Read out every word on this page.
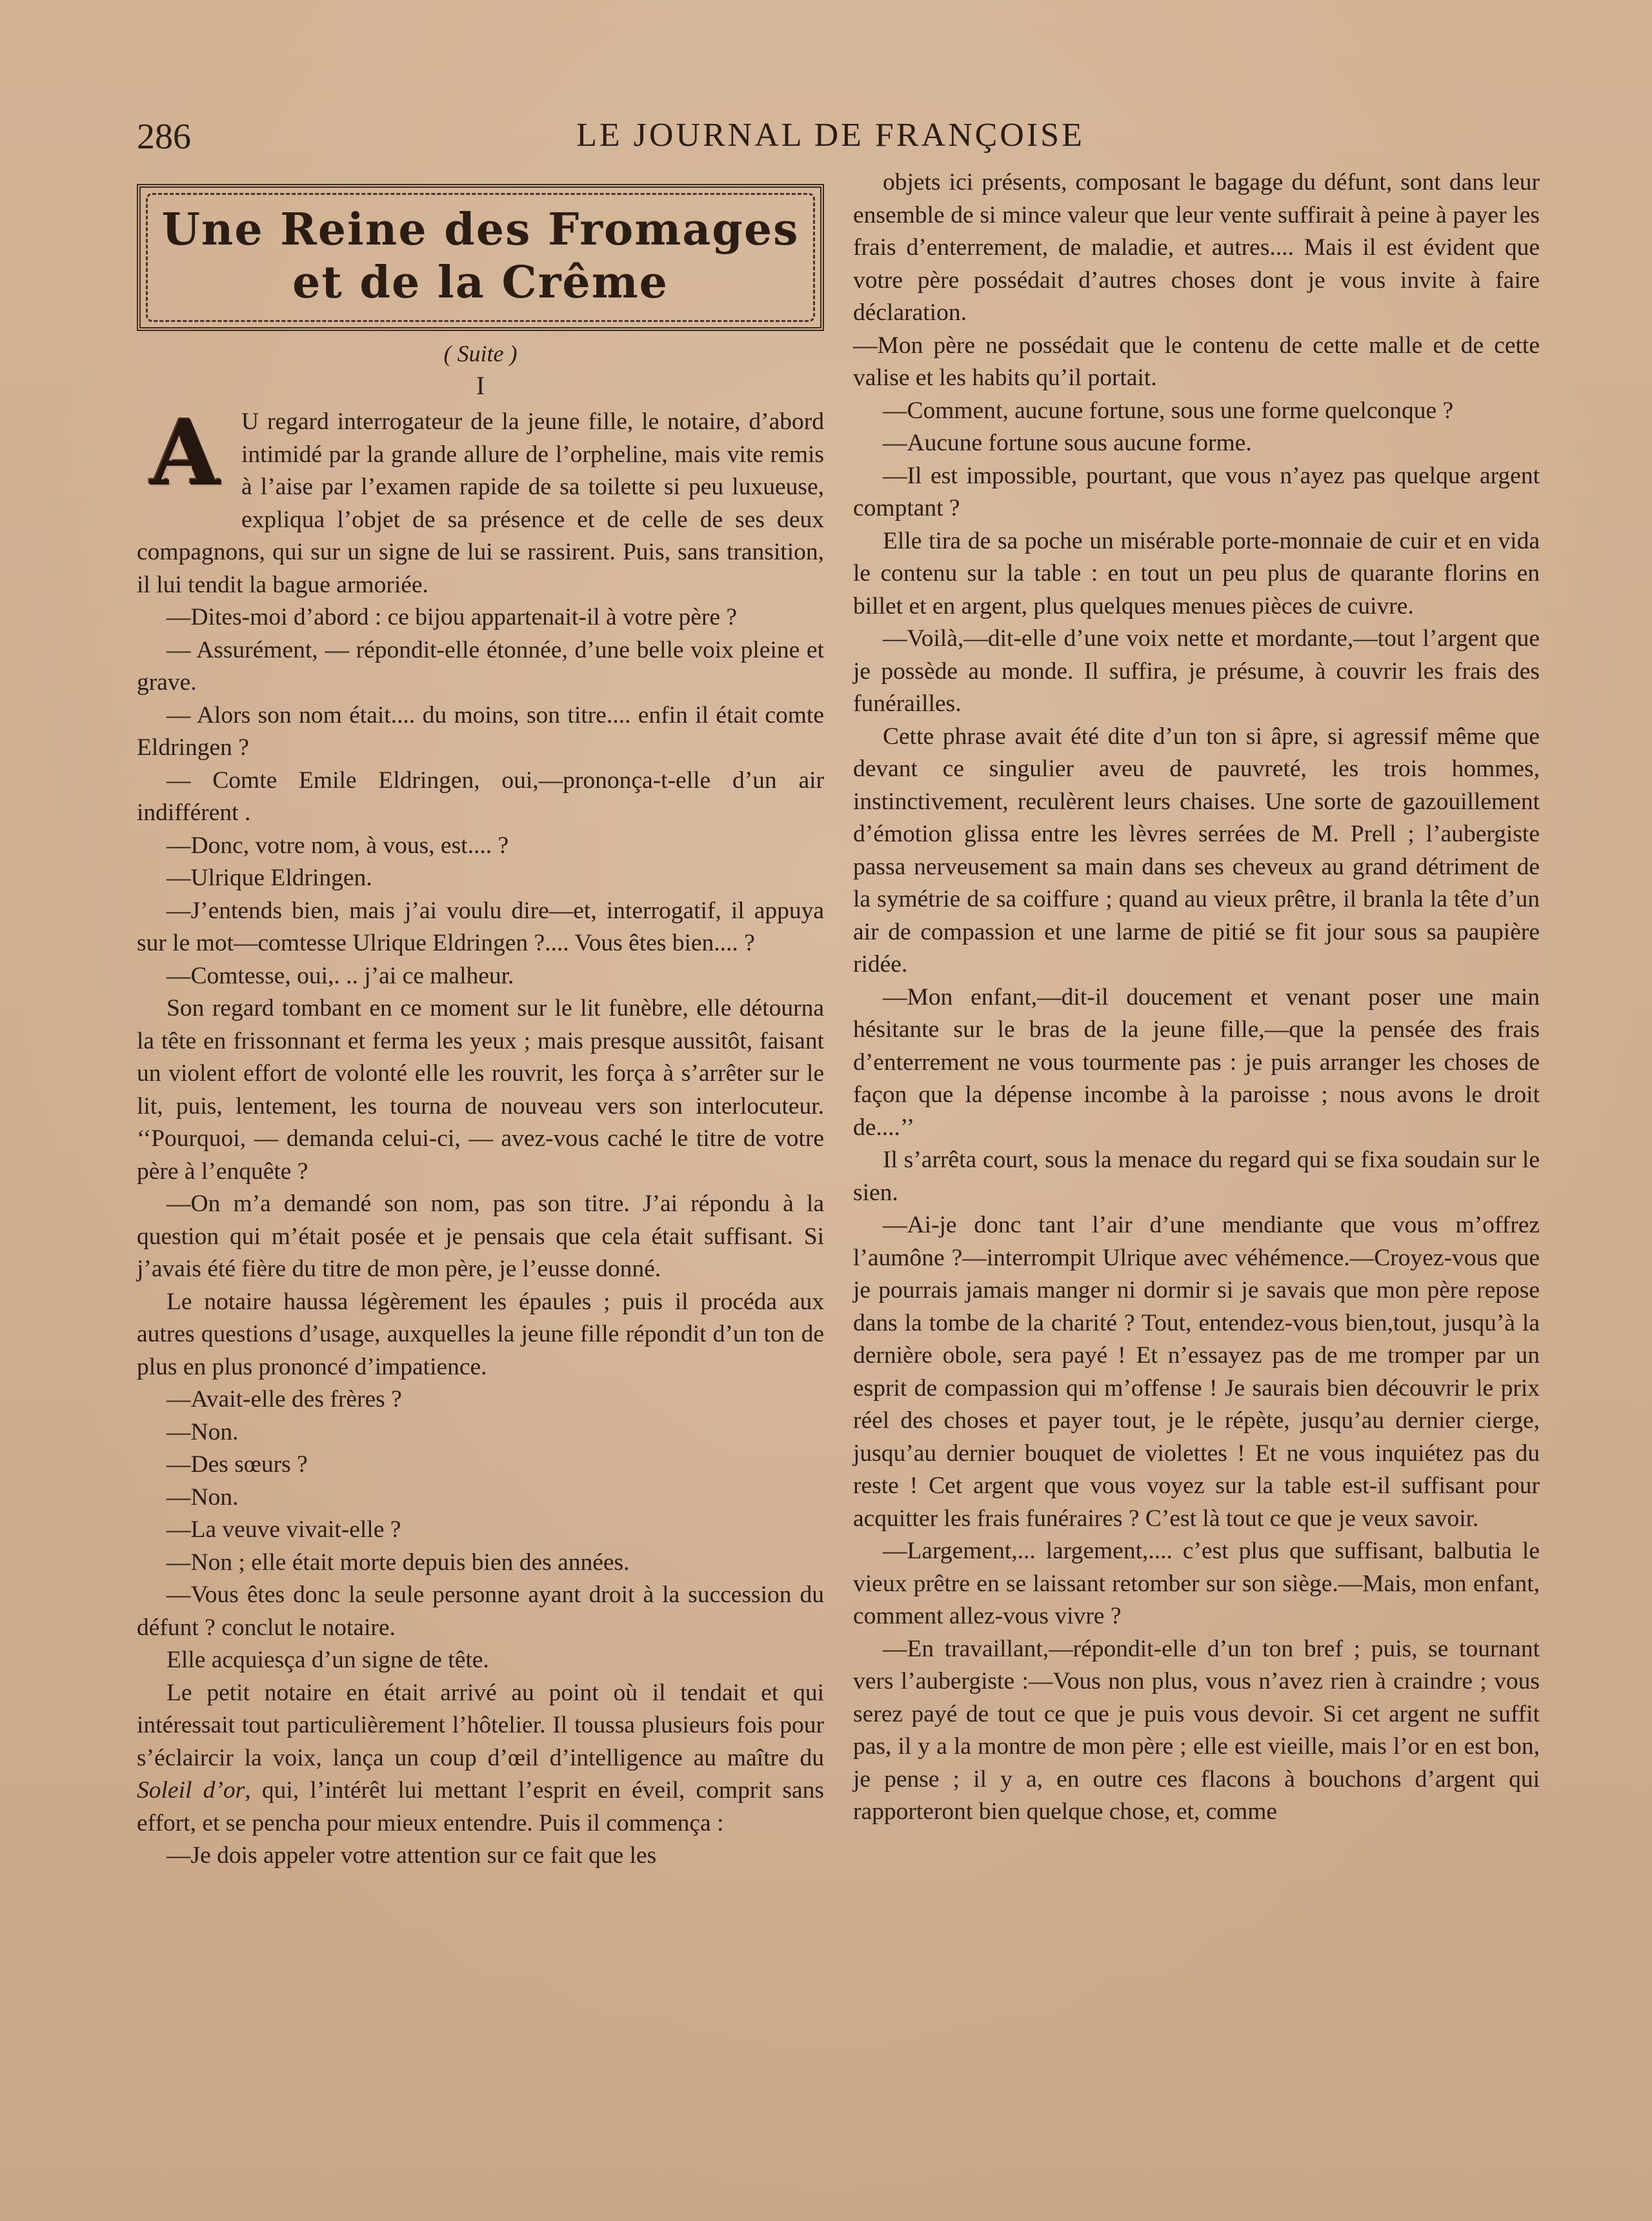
286	LE JOURNAL DE FRANÇOISE
Une Reine des Fromages
et de la Crême
( Suite )
I

A U regard interrogateur de la jeune fille, le notaire, d’abord intimidé par la grande allure de l’orpheline, mais vite remis à l’aise par l’examen rapide de sa toilette si peu luxueuse, expliqua l’objet de sa présence et de celle de ses deux compagnons, qui sur un signe de lui se rassirent. Puis, sans transition, il lui tendit la bague armoriée.

—Dites-moi d’abord : ce bijou appartenait-il à votre père ?

— Assurément, — répondit-elle étonnée, d’une belle voix pleine et grave.

— Alors son nom était.... du moins, son titre.... enfin il était comte Eldringen ?

— Comte Emile Eldringen, oui,—prononça-t-elle d’un air indifférent .

—Donc, votre nom, à vous, est.... ?

—Ulrique Eldringen.

—J’entends bien, mais j’ai voulu dire—et, interrogatif, il appuya sur le mot—comtesse Ulrique Eldringen ?.... Vous êtes bien.... ?

—Comtesse, oui,. .. j’ai ce malheur.

Son regard tombant en ce moment sur le lit funèbre, elle détourna la tête en frissonnant et ferma les yeux ; mais presque aussitôt, faisant un violent effort de volonté elle les rouvrit, les força à s’arrêter sur le lit, puis, lentement, les tourna de nouveau vers son interlocuteur. ‘‘Pourquoi, — demanda celui-ci, — avez-vous caché le titre de votre père à l’enquête ?

—On m’a demandé son nom, pas son titre. J’ai répondu à la question qui m’était posée et je pensais que cela était suffisant. Si j’avais été fière du titre de mon père, je l’eusse donné.

Le notaire haussa légèrement les épaules ; puis il procéda aux autres questions d’usage, auxquelles la jeune fille répondit d’un ton de plus en plus prononcé d’impatience.

—Avait-elle des frères ?

—Non.

—Des sœurs ?

—Non.

—La veuve vivait-elle ?

—Non ; elle était morte depuis bien des années.

—Vous êtes donc la seule personne ayant droit à la succession du défunt ? conclut le notaire.

Elle acquiesça d’un signe de tête.

Le petit notaire en était arrivé au point où il tendait et qui intéressait tout particulièrement l’hôtelier. Il toussa plusieurs fois pour s’éclaircir la voix, lança un coup d’œil d’intelligence au maître du Soleil d’or, qui, l’intérêt lui mettant l’esprit en éveil, comprit sans effort, et se pencha pour mieux entendre. Puis il commença :

—Je dois appeler votre attention sur ce fait que les

objets ici présents, composant le bagage du défunt, sont dans leur ensemble de si mince valeur que leur vente suffirait à peine à payer les frais d’enterrement, de maladie, et autres.... Mais il est évident que votre père possédait d’autres choses dont je vous invite à faire déclaration.

—Mon père ne possédait que le contenu de cette malle et de cette valise et les habits qu’il portait.

—Comment, aucune fortune, sous une forme quelconque ?

—Aucune fortune sous aucune forme.

—Il est impossible, pourtant, que vous n’ayez pas quelque argent comptant ?

Elle tira de sa poche un misérable porte-monnaie de cuir et en vida le contenu sur la table : en tout un peu plus de quarante florins en billet et en argent, plus quelques menues pièces de cuivre.

—Voilà,—dit-elle d’une voix nette et mordante,—tout l’argent que je possède au monde. Il suffira, je présume, à couvrir les frais des funérailles.

Cette phrase avait été dite d’un ton si âpre, si agressif même que devant ce singulier aveu de pauvreté, les trois hommes, instinctivement, reculèrent leurs chaises. Une sorte de gazouillement d’émotion glissa entre les lèvres serrées de M. Prell ; l’aubergiste passa nerveusement sa main dans ses cheveux au grand détriment de la symétrie de sa coiffure ; quand au vieux prêtre, il branla la tête d’un air de compassion et une larme de pitié se fit jour sous sa paupière ridée.

—Mon enfant,—dit-il doucement et venant poser une main hésitante sur le bras de la jeune fille,—que la pensée des frais d’enterrement ne vous tourmente pas : je puis arranger les choses de façon que la dépense incombe à la paroisse ; nous avons le droit de....’’

Il s’arrêta court, sous la menace du regard qui se fixa soudain sur le sien.

—Ai-je donc tant l’air d’une mendiante que vous m’offrez l’aumône ?—interrompit Ulrique avec véhémence.—Croyez-vous que je pourrais jamais manger ni dormir si je savais que mon père repose dans la tombe de la charité ? Tout, entendez-vous bien,tout, jusqu’à la dernière obole, sera payé ! Et n’essayez pas de me tromper par un esprit de compassion qui m’offense ! Je saurais bien découvrir le prix réel des choses et payer tout, je le répète, jusqu’au dernier cierge, jusqu’au dernier bouquet de violettes ! Et ne vous inquiétez pas du reste ! Cet argent que vous voyez sur la table est-il suffisant pour acquitter les frais funéraires ? C’est là tout ce que je veux savoir.

—Largement,... largement,.... c’est plus que suffisant, balbutia le vieux prêtre en se laissant retomber sur son siège.—Mais, mon enfant, comment allez-vous vivre ?

—En travaillant,—répondit-elle d’un ton bref ; puis, se tournant vers l’aubergiste :—Vous non plus, vous n’avez rien à craindre ; vous serez payé de tout ce que je puis vous devoir. Si cet argent ne suffit pas, il y a la montre de mon père ; elle est vieille, mais l’or en est bon, je pense ; il y a, en outre ces flacons à bouchons d’argent qui rapporteront bien quelque chose, et, comme
